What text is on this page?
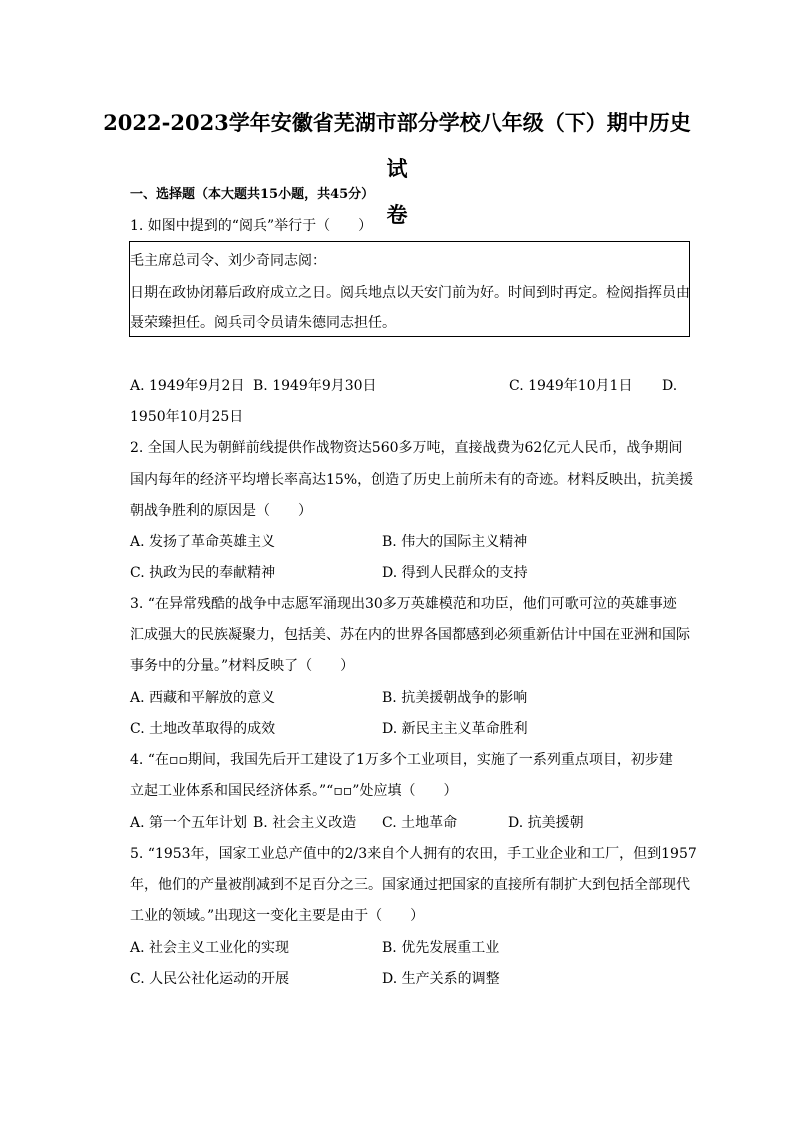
2022-2023学年安徽省芜湖市部分学校八年级（下）期中历史试
卷
一、选择题（本大题共15小题，共45分）
1. 如图中提到的“阅兵”举行于（　　）
毛主席总司令、刘少奇同志阅：
日期在政协闭幕后政府成立之日。阅兵地点以天安门前为好。时间到时再定。检阅指挥员由
聂荣臻担任。阅兵司令员请朱德同志担任。
A. 1949年9月2日 B. 1949年9月30日	C. 1949年10月1日 D.
1950年10月25日
2. 全国人民为朝鲜前线提供作战物资达560多万吨，直接战费为62亿元人民币，战争期间
国内每年的经济平均增长率高达15%，创造了历史上前所未有的奇迹。材料反映出，抗美援
朝战争胜利的原因是（　　）
A. 发扬了革命英雄主义	B. 伟大的国际主义精神
C. 执政为民的奉献精神	D. 得到人民群众的支持
3. “在异常残酷的战争中志愿军涌现出30多万英雄模范和功臣，他们可歌可泣的英雄事迹
汇成强大的民族凝聚力，包括美、苏在内的世界各国都感到必须重新估计中国在亚洲和国际
事务中的分量。”材料反映了（　　）
A. 西藏和平解放的意义	B. 抗美援朝战争的影响
C. 土地改革取得的成效	D. 新民主主义革命胜利
4. “在▫▫期间，我国先后开工建设了1万多个工业项目，实施了一系列重点项目，初步建
立起工业体系和国民经济体系。”“▫▫”处应填（　　）
A. 第一个五年计划 B. 社会主义改造 C. 土地革命	D. 抗美援朝
5. “1953年，国家工业总产值中的2/3来自个人拥有的农田，手工业企业和工厂，但到1957
年，他们的产量被削减到不足百分之三。国家通过把国家的直接所有制扩大到包括全部现代
工业的领域。”出现这一变化主要是由于（　　）
A. 社会主义工业化的实现	B. 优先发展重工业
C. 人民公社化运动的开展	D. 生产关系的调整
